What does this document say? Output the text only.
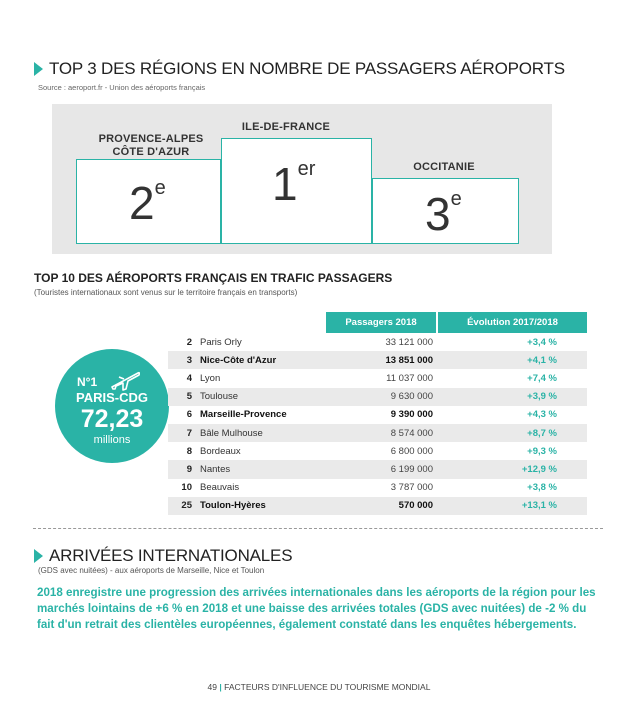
TOP 3 DES RÉGIONS EN NOMBRE DE PASSAGERS AÉROPORTS
Source : aeroport.fr - Union des aéroports français
PROVENCE-ALPES
CÔTE D'AZUR
ILE-DE-FRANCE
OCCITANIE
2e 1er
3e
TOP 10 DES AÉROPORTS FRANÇAIS EN TRAFIC PASSAGERS
(Touristes internationaux sont venus sur le territoire français en transports)
N°1
PARIS-CDG
72,23
millions
		Passagers 2018	Évolution 2017/2018
2	Paris Orly	33 121 000	+3,4 %
3	Nice-Côte d'Azur	13 851 000	+4,1 %
4	Lyon	11 037 000	+7,4 %
5	Toulouse	9 630 000	+3,9 %
6	Marseille-Provence	9 390 000	+4,3 %
7	Bâle Mulhouse	8 574 000	+8,7 %
8	Bordeaux	6 800 000	+9,3 %
9	Nantes	6 199 000	+12,9 %
10	Beauvais	3 787 000	+3,8 %
25	Toulon-Hyères	570 000	+13,1 %
ARRIVÉES INTERNATIONALES
(GDS avec nuitées) - aux aéroports de Marseille, Nice et Toulon
2018 enregistre une progression des arrivées internationales dans les aéroports de la région pour les marchés lointains de +6 % en 2018 et une baisse des arrivées totales (GDS avec nuitées) de -2 % du fait d'un retrait des clientèles européennes, également constaté dans les enquêtes hébergements.
49 | FACTEURS D'INFLUENCE DU TOURISME MONDIAL
